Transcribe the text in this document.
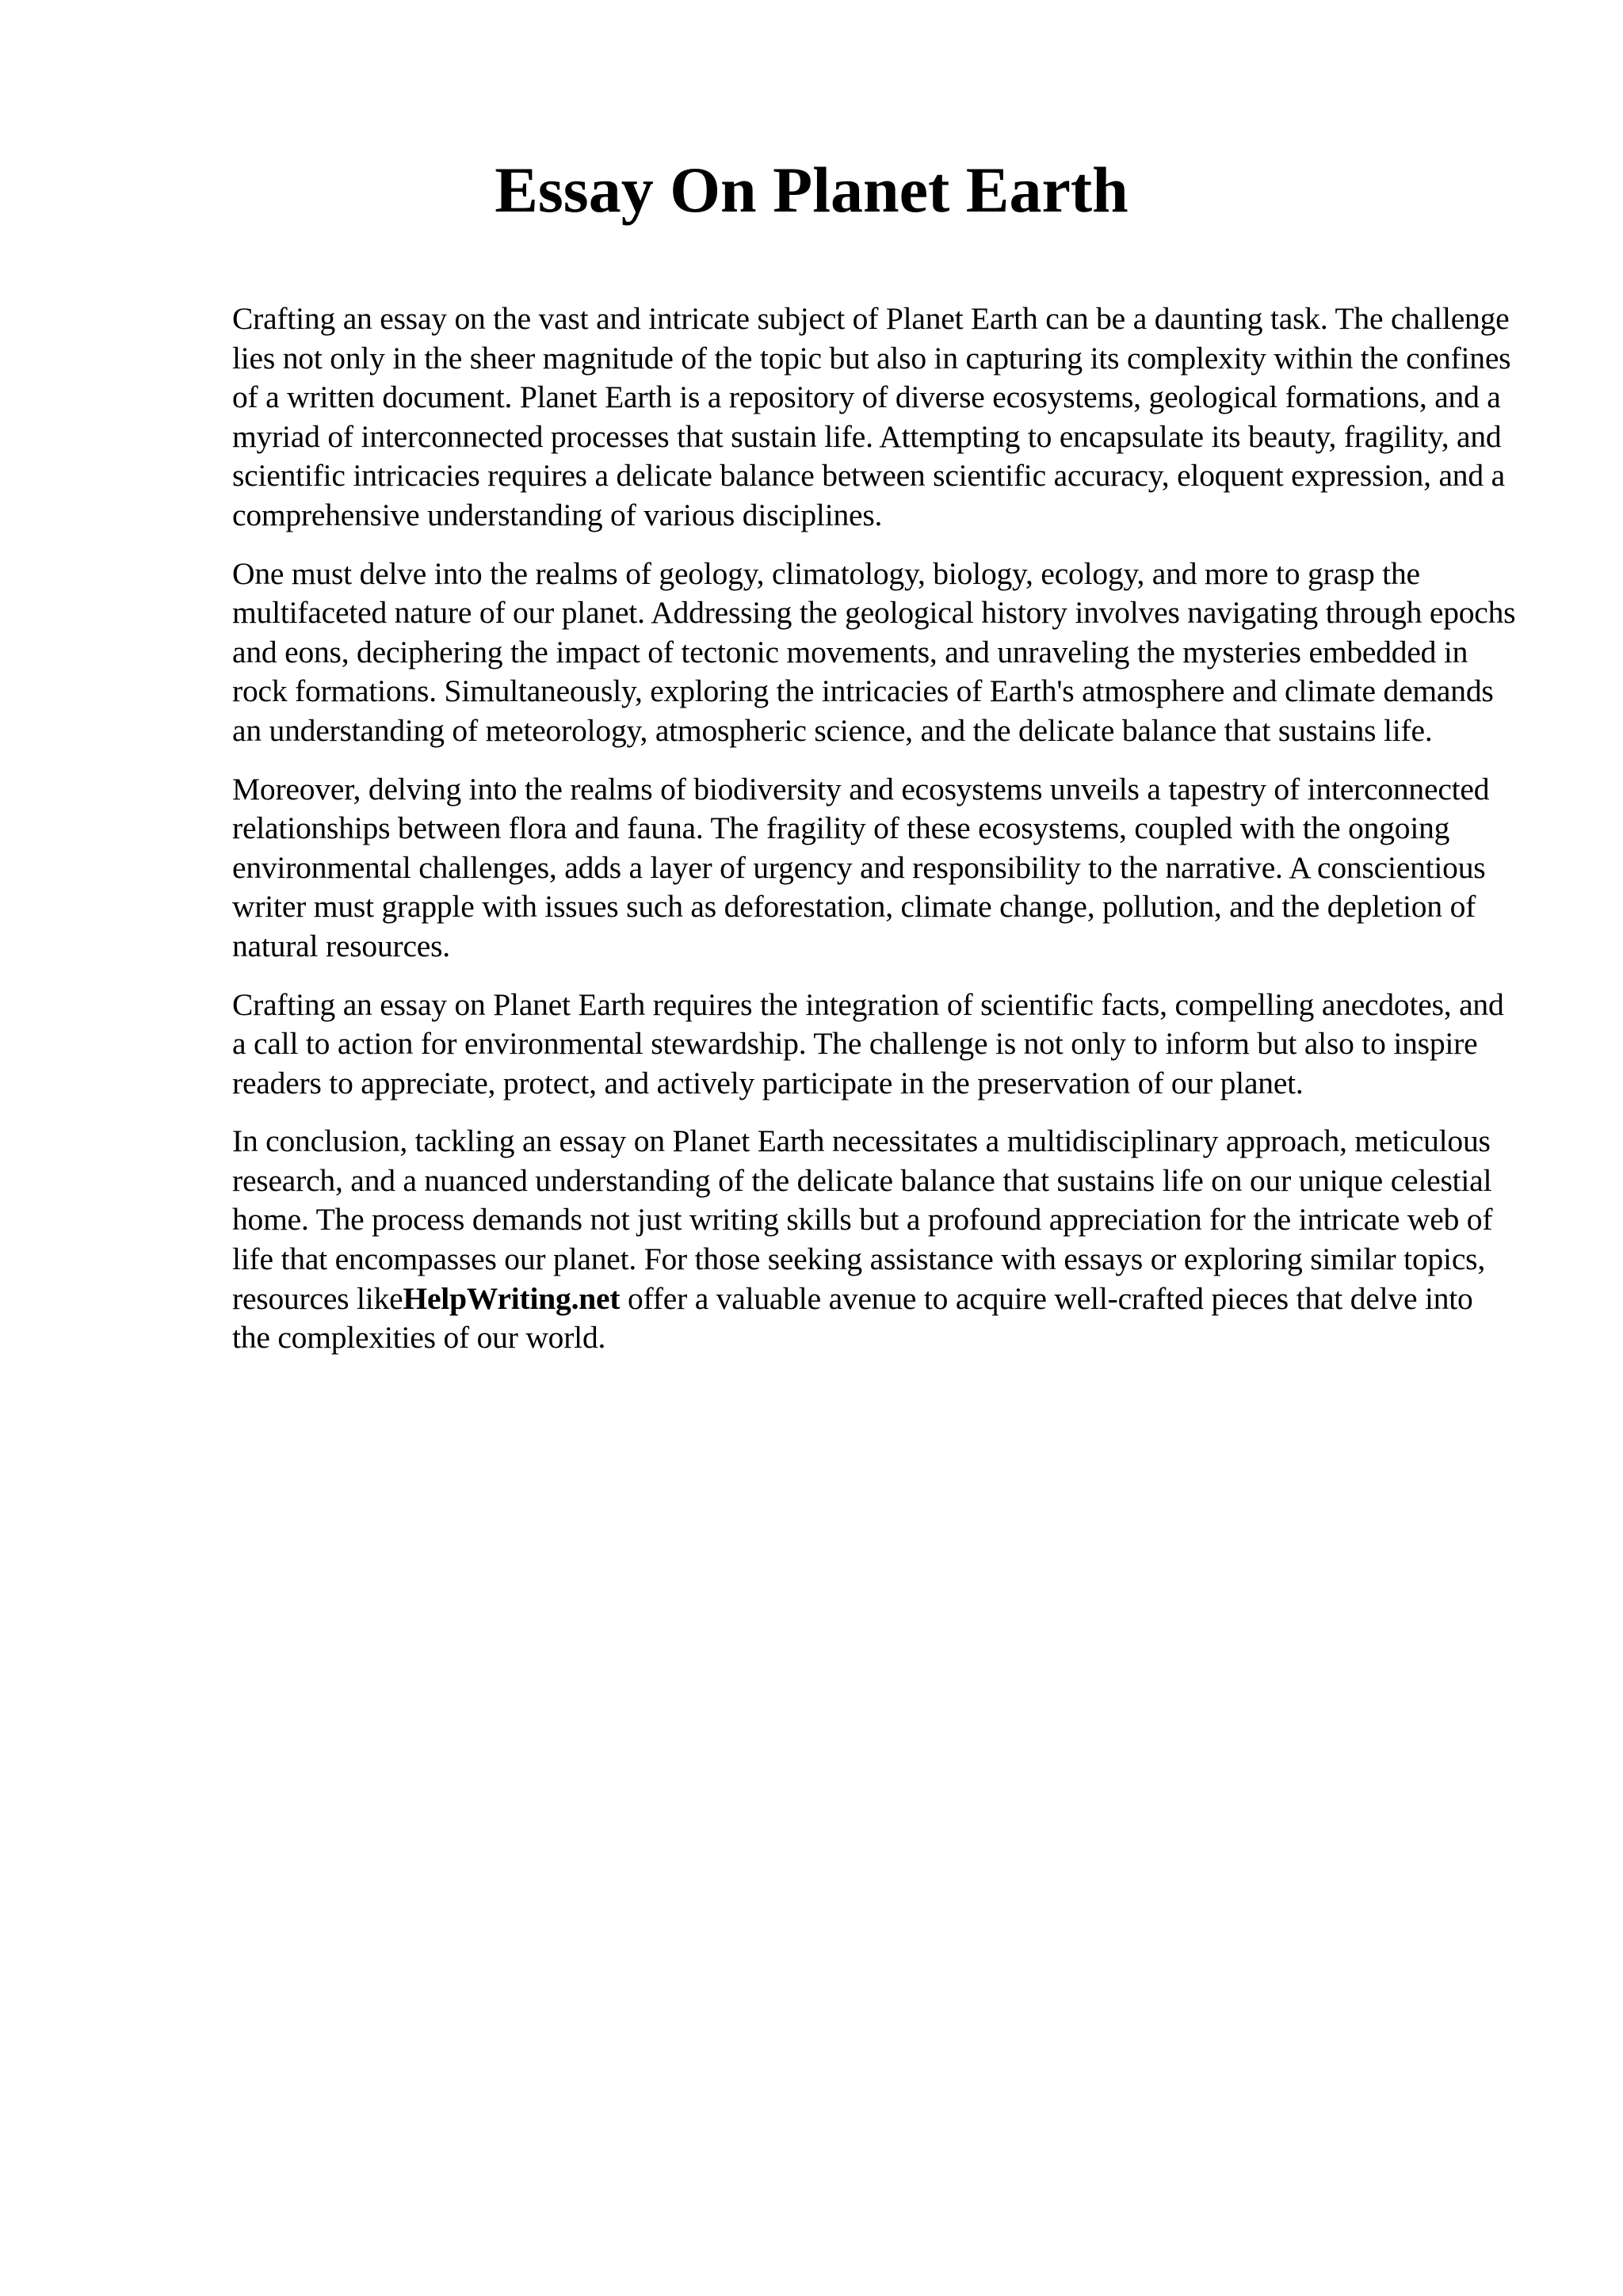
Essay On Planet Earth

Crafting an essay on the vast and intricate subject of Planet Earth can be a daunting task. The challenge lies not only in the sheer magnitude of the topic but also in capturing its complexity within the confines of a written document. Planet Earth is a repository of diverse ecosystems, geological formations, and a myriad of interconnected processes that sustain life. Attempting to encapsulate its beauty, fragility, and scientific intricacies requires a delicate balance between scientific accuracy, eloquent expression, and a comprehensive understanding of various disciplines.

One must delve into the realms of geology, climatology, biology, ecology, and more to grasp the multifaceted nature of our planet. Addressing the geological history involves navigating through epochs and eons, deciphering the impact of tectonic movements, and unraveling the mysteries embedded in rock formations. Simultaneously, exploring the intricacies of Earth's atmosphere and climate demands an understanding of meteorology, atmospheric science, and the delicate balance that sustains life.

Moreover, delving into the realms of biodiversity and ecosystems unveils a tapestry of interconnected relationships between flora and fauna. The fragility of these ecosystems, coupled with the ongoing environmental challenges, adds a layer of urgency and responsibility to the narrative. A conscientious writer must grapple with issues such as deforestation, climate change, pollution, and the depletion of natural resources.

Crafting an essay on Planet Earth requires the integration of scientific facts, compelling anecdotes, and a call to action for environmental stewardship. The challenge is not only to inform but also to inspire readers to appreciate, protect, and actively participate in the preservation of our planet.

In conclusion, tackling an essay on Planet Earth necessitates a multidisciplinary approach, meticulous research, and a nuanced understanding of the delicate balance that sustains life on our unique celestial home. The process demands not just writing skills but a profound appreciation for the intricate web of life that encompasses our planet. For those seeking assistance with essays or exploring similar topics, resources likeHelpWriting.net offer a valuable avenue to acquire well-crafted pieces that delve into the complexities of our world.
